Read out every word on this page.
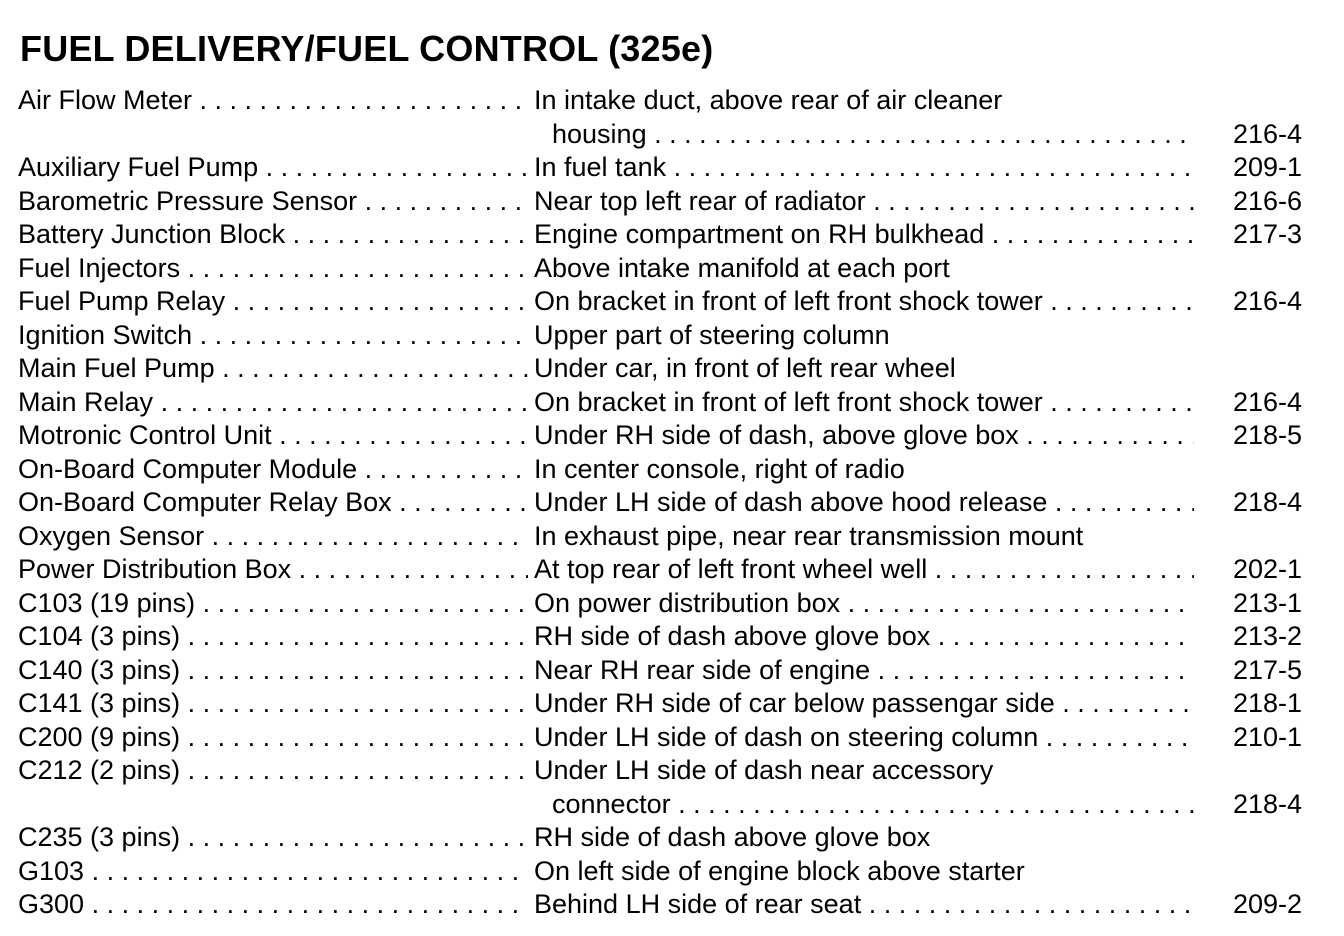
FUEL DELIVERY/FUEL CONTROL (325e)
Air Flow Meter . . .	In intake duct, above rear of air cleaner
housing . . .	216-4
Auxiliary Fuel Pump . . .	In fuel tank . . .	209-1
Barometric Pressure Sensor . . .	Near top left rear of radiator . . .	216-6
Battery Junction Block . . .	Engine compartment on RH bulkhead . . .	217-3
Fuel Injectors . . .	Above intake manifold at each port
Fuel Pump Relay . . .	On bracket in front of left front shock tower . . .	216-4
Ignition Switch . . .	Upper part of steering column
Main Fuel Pump . . .	Under car, in front of left rear wheel
Main Relay . . .	On bracket in front of left front shock tower . . .	216-4
Motronic Control Unit . . .	Under RH side of dash, above glove box . . .	218-5
On-Board Computer Module . . .	In center console, right of radio
On-Board Computer Relay Box . . .	Under LH side of dash above hood release . . .	218-4
Oxygen Sensor . . .	In exhaust pipe, near rear transmission mount
Power Distribution Box . . .	At top rear of left front wheel well . . .	202-1
C103 (19 pins) . . .	On power distribution box . . .	213-1
C104 (3 pins) . . .	RH side of dash above glove box . . .	213-2
C140 (3 pins) . . .	Near RH rear side of engine . . .	217-5
C141 (3 pins) . . .	Under RH side of car below passengar side . . .	218-1
C200 (9 pins) . . .	Under LH side of dash on steering column . . .	210-1
C212 (2 pins) . . .	Under LH side of dash near accessory
connector . . .	218-4
C235 (3 pins) . . .	RH side of dash above glove box
G103 . . .	On left side of engine block above starter
G300 . . .	Behind LH side of rear seat . . .	209-2
